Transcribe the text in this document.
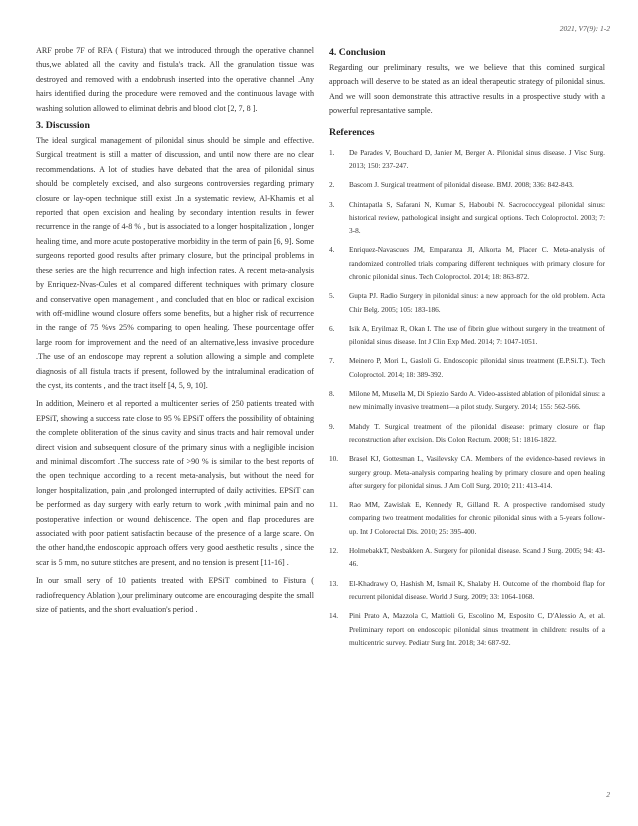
2021, V7(9): 1-2

ARF probe 7F of RFA ( Fistura) that we introduced through the operative channel thus,we ablated all the cavity and fistula's track. All the granulation tissue was destroyed and removed with a endobrush inserted into the operative channel .Any hairs identified during the procedure were removed and the continuous lavage with washing solution allowed to eliminat debris and blood clot [2, 7, 8 ].

3. Discussion

The ideal surgical management of pilonidal sinus should be simple and effective. Surgical treatment is still a matter of discussion, and until now there are no clear recommendations. A lot of studies have debated that the area of pilonidal sinus should be completely excised, and also surgeons controversies regarding primary closure or lay-open technique still exist .In a systematic review, Al-Khamis et al reported that open excision and healing by secondary intention results in fewer recurrence in the range of 4-8 % , but is associated to a longer hospitalization , longer healing time, and more acute postoperative morbidity in the term of pain [6, 9]. Some surgeons reported good results after primary closure, but the principal problems in these series are the high recurrence and high infection rates. A recent meta-analysis by Enriquez-Nvas-Cules et al compared different techniques with primary closure and conservative open management , and concluded that en bloc or radical excision with off-midline wound closure offers some benefits, but a higher risk of recurrence in the range of 75 %vs 25% comparing to open healing. These pourcentage offer large room for improvement and the need of an alternative,less invasive procedure .The use of an endoscope may reprent a solution allowing a simple and complete diagnosis of all fistula tracts if present, followed by the intraluminal eradication of the cyst, its contents , and the tract itself [4, 5, 9, 10].

In addition, Meinero et al reported a multicenter series of 250 patients treated with EPSiT, showing a success rate close to 95 % EPSiT offers the possibility of obtaining the complete obliteration of the sinus cavity and sinus tracts and hair removal under direct vision and subsequent closure of the primary sinus with a negligible incision and minimal discomfort .The success rate of >90 % is similar to the best reports of the open technique according to a recent meta-analysis, but without the need for longer hospitalization, pain ,and prolonged interrupted of daily activities. EPSiT can be performed as day surgery with early return to work ,with minimal pain and no postoperative infection or wound dehiscence. The open and flap procedures are associated with poor patient satisfactin because of the presence of a large scare. On the other hand,the endoscopic approach offers very good aesthetic results , since the scar is 5 mm, no suture stitches are present, and no tension is present [11-16] .

In our small sery of 10 patients treated with EPSiT combined to Fistura ( radiofrequency Ablation ),our preliminary outcome are encouraging despite the small size of patients, and the short evaluation's period .

4. Conclusion

Regarding our preliminary results, we we believe that this comined surgical approach will deserve to be stated as an ideal therapeutic strategy of pilonidal sinus. And we will soon demonstrate this attractive results in a prospective study with a powerful represantative sample.

References
1.	De Parades V, Bouchard D, Janier M, Berger A. Pilonidal sinus disease. J Visc Surg. 2013; 150: 237-247.
2.	Bascom J. Surgical treatment of pilonidal disease. BMJ. 2008; 336: 842-843.
3.	Chintapatla S, Safarani N, Kumar S, Haboubi N. Sacrococcygeal pilonidal sinus: historical review, pathological insight and surgical options. Tech Coloproctol. 2003; 7: 3-8.
4.	Enriquez-Navascues JM, Emparanza JI, Alkorta M, Placer C. Meta-analysis of randomized controlled trials comparing different techniques with primary closure for chronic pilonidal sinus. Tech Coloproctol. 2014; 18: 863-872.
5.	Gupta PJ. Radio Surgery in pilonidal sinus: a new approach for the old problem. Acta Chir Belg. 2005; 105: 183-186.
6.	Isik A, Eryilmaz R, Okan I. The use of fibrin glue without surgery in the treatment of pilonidal sinus disease. Int J Clin Exp Med. 2014; 7: 1047-1051.
7.	Meinero P, Mori L, Gasloli G. Endoscopic pilonidal sinus treatment (E.P.Si.T.). Tech Coloproctol. 2014; 18: 389-392.
8.	Milone M, Musella M, Di Spiezio Sardo A. Video-assisted ablation of pilonidal sinus: a new minimally invasive treatment—a pilot study. Surgery. 2014; 155: 562-566.
9.	Mahdy T. Surgical treatment of the pilonidal disease: primary closure or flap reconstruction after excision. Dis Colon Rectum. 2008; 51: 1816-1822.
10.	Brasel KJ, Gottesman L, Vasilevsky CA. Members of the evidence-based reviews in surgery group. Meta-analysis comparing healing by primary closure and open healing after surgery for pilonidal sinus. J Am Coll Surg. 2010; 211: 413-414.
11.	Rao MM, Zawislak E, Kennedy R, Gilland R. A prospective randomised study comparing two treatment modalities for chronic pilonidal sinus with a 5-years follow-up. Int J Colorectal Dis. 2010; 25: 395-400.
12.	HolmebakkT, Nesbakken A. Surgery for pilonidal disease. Scand J Surg. 2005; 94: 43-46.
13.	El-Khadrawy O, Hashish M, Ismail K, Shalaby H. Outcome of the rhomboid flap for recurrent pilonidal disease. World J Surg. 2009; 33: 1064-1068.
14.	Pini Prato A, Mazzola C, Mattioli G, Escolino M, Esposito C, D'Alessio A, et al. Preliminary report on endoscopic pilonidal sinus treatment in children: results of a multicentric survey. Pediatr Surg Int. 2018; 34: 687-92.
2
